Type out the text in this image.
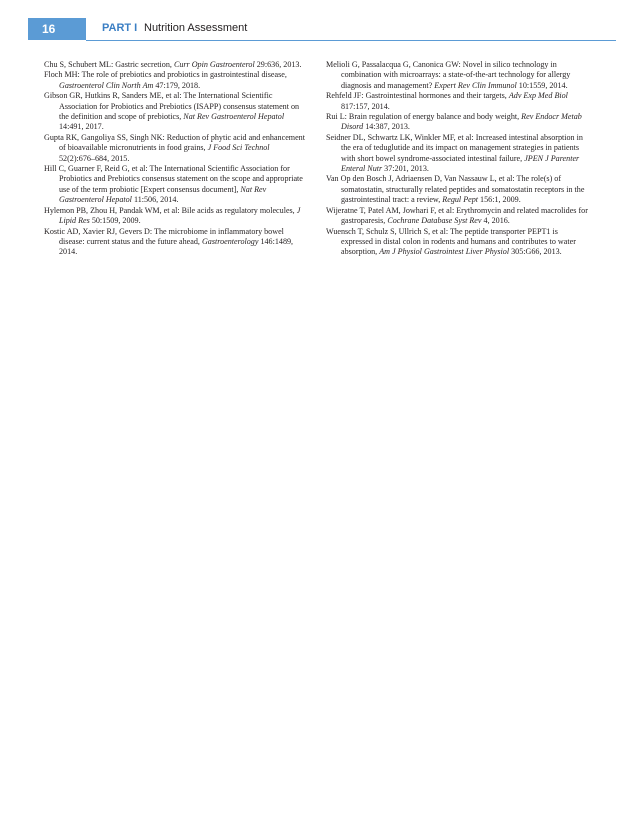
16	PART I Nutrition Assessment

Chu S, Schubert ML: Gastric secretion, Curr Opin Gastroenterol 29:636, 2013.

Floch MH: The role of prebiotics and probiotics in gastrointestinal disease, Gastroenterol Clin North Am 47:179, 2018.

Gibson GR, Hutkins R, Sanders ME, et al: The International Scientific Association for Probiotics and Prebiotics (ISAPP) consensus statement on the definition and scope of prebiotics, Nat Rev Gastroenterol Hepatol 14:491, 2017.

Gupta RK, Gangoliya SS, Singh NK: Reduction of phytic acid and enhancement of bioavailable micronutrients in food grains, J Food Sci Technol 52(2):676–684, 2015.

Hill C, Guarner F, Reid G, et al: The International Scientific Association for Probiotics and Prebiotics consensus statement on the scope and appropriate use of the term probiotic [Expert consensus document], Nat Rev Gastroenterol Hepatol 11:506, 2014.

Hylemon PB, Zhou H, Pandak WM, et al: Bile acids as regulatory molecules, J Lipid Res 50:1509, 2009.

Kostic AD, Xavier RJ, Gevers D: The microbiome in inflammatory bowel disease: current status and the future ahead, Gastroenterology 146:1489, 2014.

Melioli G, Passalacqua G, Canonica GW: Novel in silico technology in combination with microarrays: a state-of-the-art technology for allergy diagnosis and management? Expert Rev Clin Immunol 10:1559, 2014.

Rehfeld JF: Gastrointestinal hormones and their targets, Adv Exp Med Biol 817:157, 2014.

Rui L: Brain regulation of energy balance and body weight, Rev Endocr Metab Disord 14:387, 2013.

Seidner DL, Schwartz LK, Winkler MF, et al: Increased intestinal absorption in the era of teduglutide and its impact on management strategies in patients with short bowel syndrome-associated intestinal failure, JPEN J Parenter Enteral Nutr 37:201, 2013.

Van Op den Bosch J, Adriaensen D, Van Nassauw L, et al: The role(s) of somatostatin, structurally related peptides and somatostatin receptors in the gastrointestinal tract: a review, Regul Pept 156:1, 2009.

Wijeratne T, Patel AM, Jowhari F, et al: Erythromycin and related macrolides for gastroparesis, Cochrane Database Syst Rev 4, 2016.

Wuensch T, Schulz S, Ullrich S, et al: The peptide transporter PEPT1 is expressed in distal colon in rodents and humans and contributes to water absorption, Am J Physiol Gastrointest Liver Physiol 305:G66, 2013.
